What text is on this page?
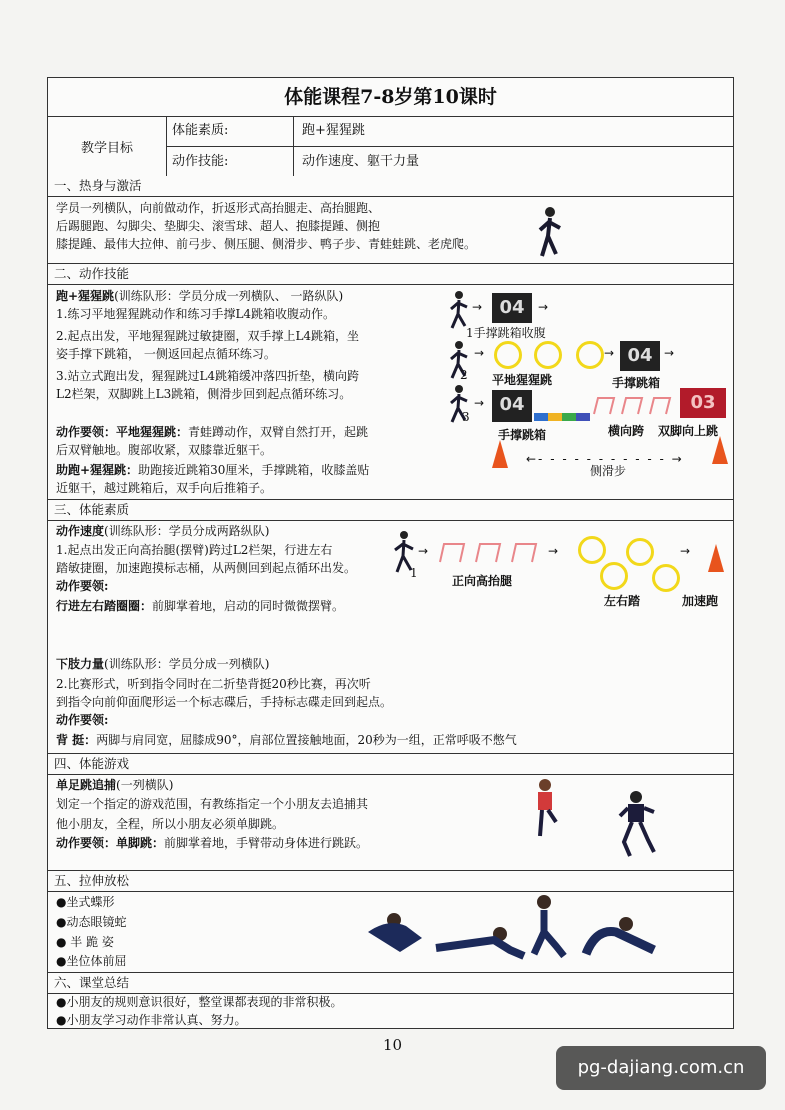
体能课程7-8岁第10课时
教学目标
体能素质:	跑+猩猩跳
动作技能:	动作速度、躯干力量
一、热身与激活
学员一列横队，向前做动作，折返形式高抬腿走、高抬腿跑、
后踢腿跑、勾脚尖、垫脚尖、滚雪球、超人、抱膝提踵、侧抱
膝提踵、最伟大拉伸、前弓步、侧压腿、侧滑步、鸭子步、青蛙蛙跳、老虎爬。
二、动作技能
跑+猩猩跳(训练队形：学员分成一列横队、 一路纵队)
1.练习平地猩猩跳动作和练习手撑L4跳箱收腹动作。
2.起点出发，平地猩猩跳过敏捷圈，双手撑上L4跳箱，坐
姿手撑下跳箱， 一侧返回起点循环练习。
3.站立式跑出发，猩猩跳过L4跳箱缓冲落四折垫，横向跨
L2栏架，双脚跳上L3跳箱，侧滑步回到起点循环练习。
动作要领：平地猩猩跳：青蛙蹲动作，双臂自然打开，起跳
后双臂触地。腹部收紧，双膝靠近躯干。
助跑+猩猩跳：助跑接近跳箱30厘米，手撑跳箱，收膝盖贴
近躯干，越过跳箱后，双手向后推箱子。
→ 04	→
1手撑跳箱收腹
2
→	→ 04 →
平地猩猩跳	手撑跳箱
3
→ 04	03
手撑跳箱	横向跨 双脚向上跳
←- - - - - - - - - - - →
侧滑步
三、体能素质
动作速度(训练队形：学员分成两路纵队)
1.起点出发正向高抬腿(摆臂)跨过L2栏架，行进左右
踏敏捷圈，加速跑摸标志桶，从两侧回到起点循环出发。
动作要领:
行进左右踏圈圈：前脚掌着地，启动的同时微微摆臂。
1
→	→	→
正向高抬腿
左右踏	加速跑
下肢力量(训练队形：学员分成一列横队)
2.比赛形式，听到指令同时在二折垫背挺20秒比赛，再次听
到指令向前仰面爬形运一个标志碟后，手持标志碟走回到起点。
动作要领:
背 挺：两脚与肩同宽，屈膝成90°，肩部位置接触地面，20秒为一组，正常呼吸不憋气
四、体能游戏
单足跳追捕(一列横队)
划定一个指定的游戏范围，有教练指定一个小朋友去追捕其
他小朋友，全程，所以小朋友必须单脚跳。
动作要领：单脚跳：前脚掌着地，手臂带动身体进行跳跃。
五、拉伸放松
●坐式蝶形
●动态眼镜蛇
● 半 跪 姿
●坐位体前屈
六、课堂总结
●小朋友的规则意识很好，整堂课都表现的非常积极。
●小朋友学习动作非常认真、努力。
10
pg-dajiang.com.cn
